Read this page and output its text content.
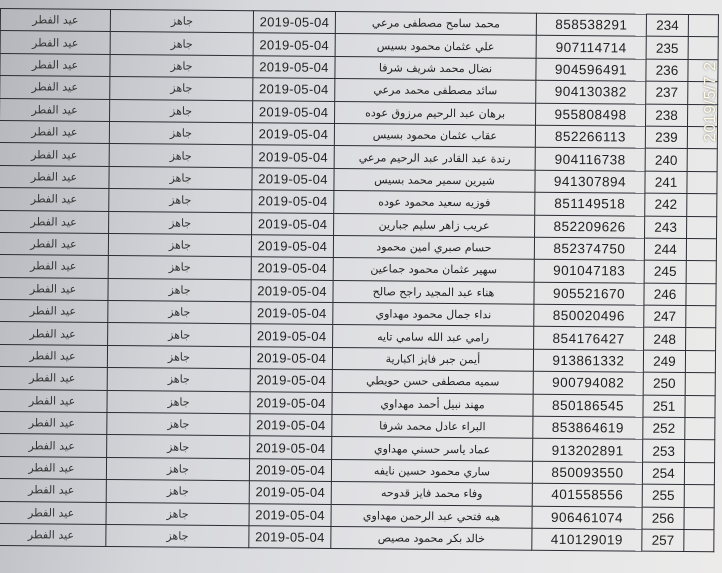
	عيد الفطر	جاهز	2019-05-04	محمد سامح مصطفى مرعي	858538291	234	
	عيد الفطر	جاهز	2019-05-04	علي عثمان محمود بسيس	907114714	235	
	عيد الفطر	جاهز	2019-05-04	نضال محمد شريف شرفا	904596491	236	
	عيد الفطر	جاهز	2019-05-04	سائد مصطفى محمد مرعي	904130382	237	
	عيد الفطر	جاهز	2019-05-04	برهان عبد الرحيم مرزوق عوده	955808498	238	
	عيد الفطر	جاهز	2019-05-04	عقاب عثمان محمود بسيس	852266113	239	
	عيد الفطر	جاهز	2019-05-04	رندة عبد القادر عبد الرحيم مرعي	904116738	240	
	عيد الفطر	جاهز	2019-05-04	شيرين سمير محمد بسيس	941307894	241	
	عيد الفطر	جاهز	2019-05-04	فوزيه سعيد محمود عوده	851149518	242	
	عيد الفطر	جاهز	2019-05-04	عريب زاهر سليم جبارين	852209626	243	
	عيد الفطر	جاهز	2019-05-04	حسام صبري امين محمود	852374750	244	
	عيد الفطر	جاهز	2019-05-04	سهير عثمان محمود جماعين	901047183	245	
	عيد الفطر	جاهز	2019-05-04	هناء عبد المجيد راجح صالح	905521670	246	
	عيد الفطر	جاهز	2019-05-04	نداء جمال محمود مهداوي	850020496	247	
	عيد الفطر	جاهز	2019-05-04	رامي عبد الله سامي تايه	854176427	248	
	عيد الفطر	جاهز	2019-05-04	أيمن جبر فايز اكبارية	913861332	249	
	عيد الفطر	جاهز	2019-05-04	سميه مصطفى حسن حويطي	900794082	250	
	عيد الفطر	جاهز	2019-05-04	مهند نبيل أحمد مهداوي	850186545	251	
	عيد الفطر	جاهز	2019-05-04	البراء عادل محمد شرفا	853864619	252	
	عيد الفطر	جاهز	2019-05-04	عماد ياسر حسني مهداوي	913202891	253	
	عيد الفطر	جاهز	2019-05-04	ساري محمود حسين نايفه	850093550	254	
	عيد الفطر	جاهز	2019-05-04	وفاء محمد فايز قدوحه	401558556	255	
	عيد الفطر	جاهز	2019-05-04	هبه فتحي عبد الرحمن مهداوي	906461074	256	
	عيد الفطر	جاهز	2019-05-04	خالد بكر محمود مصيص	410129019	257	
2019/5/7 2
